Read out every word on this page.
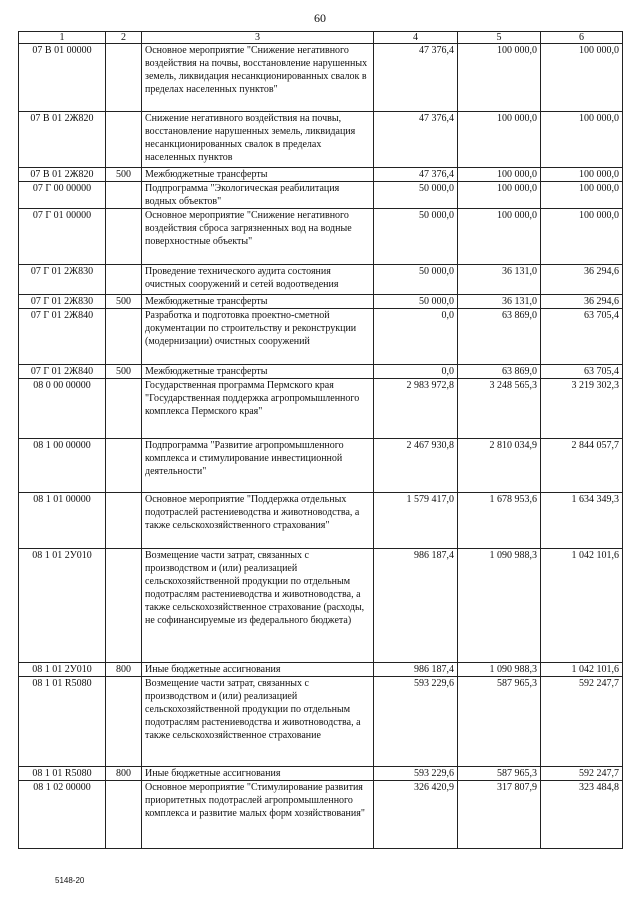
60
1	2	3	4	5	6
07 В 01 00000		Основное мероприятие "Снижение негативного воздействия на почвы, восстановление нарушенных земель, ликвидация несанкционированных свалок в пределах населенных пунктов"	47 376,4	100 000,0	100 000,0
07 В 01 2Ж820		Снижение негативного воздействия на почвы, восстановление нарушенных земель, ликвидация несанкционированных свалок в пределах населенных пунктов	47 376,4	100 000,0	100 000,0
07 В 01 2Ж820	500	Межбюджетные трансферты	47 376,4	100 000,0	100 000,0
07 Г 00 00000		Подпрограмма "Экологическая реабилитация водных объектов"	50 000,0	100 000,0	100 000,0
07 Г 01 00000		Основное мероприятие "Снижение негативного воздействия сброса загрязненных вод на водные поверхностные объекты"	50 000,0	100 000,0	100 000,0
07 Г 01 2Ж830		Проведение технического аудита состояния очистных сооружений и сетей водоотведения	50 000,0	36 131,0	36 294,6
07 Г 01 2Ж830	500	Межбюджетные трансферты	50 000,0	36 131,0	36 294,6
07 Г 01 2Ж840		Разработка и подготовка проектно-сметной документации по строительству и реконструкции (модернизации) очистных сооружений	0,0	63 869,0	63 705,4
07 Г 01 2Ж840	500	Межбюджетные трансферты	0,0	63 869,0	63 705,4
08 0 00 00000		Государственная программа Пермского края "Государственная поддержка агропромышленного комплекса Пермского края"	2 983 972,8	3 248 565,3	3 219 302,3
08 1 00 00000		Подпрограмма "Развитие агропромышленного комплекса и стимулирование инвестиционной деятельности"	2 467 930,8	2 810 034,9	2 844 057,7
08 1 01 00000		Основное мероприятие "Поддержка отдельных подотраслей растениеводства и животноводства, а также сельскохозяйственного страхования"	1 579 417,0	1 678 953,6	1 634 349,3
08 1 01 2У010		Возмещение части затрат, связанных с производством и (или) реализацией сельскохозяйственной продукции по отдельным подотраслям растениеводства и животноводства, а также сельскохозяйственное страхование (расходы, не софинансируемые из федерального бюджета)	986 187,4	1 090 988,3	1 042 101,6
08 1 01 2У010	800	Иные бюджетные ассигнования	986 187,4	1 090 988,3	1 042 101,6
08 1 01 R5080		Возмещение части затрат, связанных с производством и (или) реализацией сельскохозяйственной продукции по отдельным подотраслям растениеводства и животноводства, а также сельскохозяйственное страхование	593 229,6	587 965,3	592 247,7
08 1 01 R5080	800	Иные бюджетные ассигнования	593 229,6	587 965,3	592 247,7
08 1 02 00000		Основное мероприятие "Стимулирование развития приоритетных подотраслей агропромышленного комплекса и развитие малых форм хозяйствования"	326 420,9	317 807,9	323 484,8
5148-20
